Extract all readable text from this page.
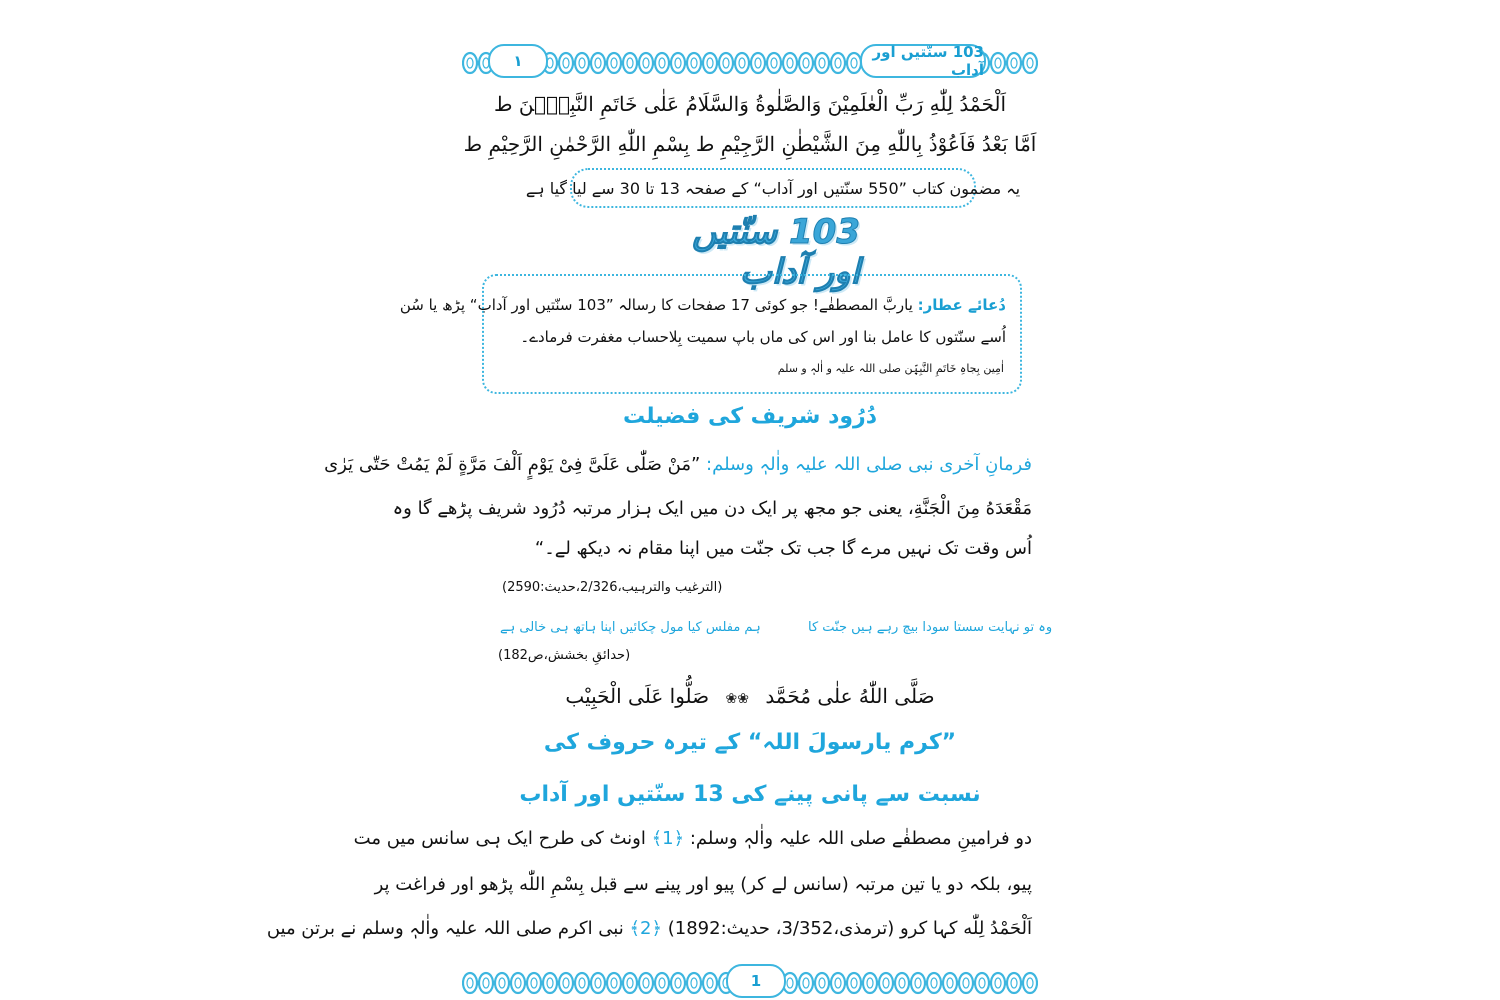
103 سنّتیں اور آداب
۱
اَلْحَمْدُ لِلّٰهِ رَبِّ الْعٰلَمِیْنَ وَالصَّلٰوةُ وَالسَّلَامُ عَلٰى خَاتَمِ النَّبِیّٖنَ ط
اَمَّا بَعْدُ فَاَعُوْذُ بِاللّٰهِ مِنَ الشَّیْطٰنِ الرَّجِیْمِ ط بِسْمِ اللّٰهِ الرَّحْمٰنِ الرَّحِیْمِ ط
یہ مضمون کتاب ”550 سنّتیں اور آداب“ کے صفحہ 13 تا 30 سے لیا گیا ہے
103 سنّتیں اور آداب
دُعائے عطار: یاربَّ المصطفٰے! جو کوئی 17 صفحات کا رسالہ ”103 سنّتیں اور آداب“ پڑھ یا سُن
اُسے سنّتوں کا عامل بنا اور اس کی ماں باپ سمیت بِلاحساب مغفرت فرمادے۔
اٰمِین بِجاہِ خَاتَمِ النَّبِیّٖن صلی اللہ علیہ و اٰلہٖ و سلم
دُرُود شریف کی فضیلت
فرمانِ آخری نبی صلی اللہ علیہ واٰلہٖ وسلم: ”مَنْ صَلّٰی عَلَیَّ فِیْ یَوْمٍ اَلْفَ مَرَّةٍ لَمْ یَمُتْ حَتّٰی یَرٰی
مَقْعَدَهُ مِنَ الْجَنَّةِ، یعنی جو مجھ پر ایک دن میں ایک ہزار مرتبہ دُرُود شریف پڑھے گا وہ
اُس وقت تک نہیں مرے گا جب تک جنّت میں اپنا مقام نہ دیکھ لے۔“
(الترغیب والترہیب،2/326،حدیث:2590)
وہ تو نہایت سستا سودا بیچ رہے ہیں جنّت کا
ہم مفلس کیا مول چکائیں اپنا ہاتھ ہی خالی ہے
(حدائقِ بخشش،ص182)
صَلَّی اللّٰهُ علٰی مُحَمَّد ❀❀ صَلُّوا عَلَی الْحَبِیْب
”کرم یارسولَ اللہ“ کے تیرہ حروف کی
نسبت سے پانی پینے کی 13 سنّتیں اور آداب
دو فرامینِ مصطفٰے صلی اللہ علیہ واٰلہٖ وسلم: ﴿1﴾ اونٹ کی طرح ایک ہی سانس میں مت
پیو، بلکہ دو یا تین مرتبہ (سانس لے کر) پیو اور پینے سے قبل بِسْمِ اللّٰه پڑھو اور فراغت پر
اَلْحَمْدُ لِلّٰه کہا کرو (ترمذی،3/352، حدیث:1892) ﴿2﴾ نبی اکرم صلی اللہ علیہ واٰلہٖ وسلم نے برتن میں
1
